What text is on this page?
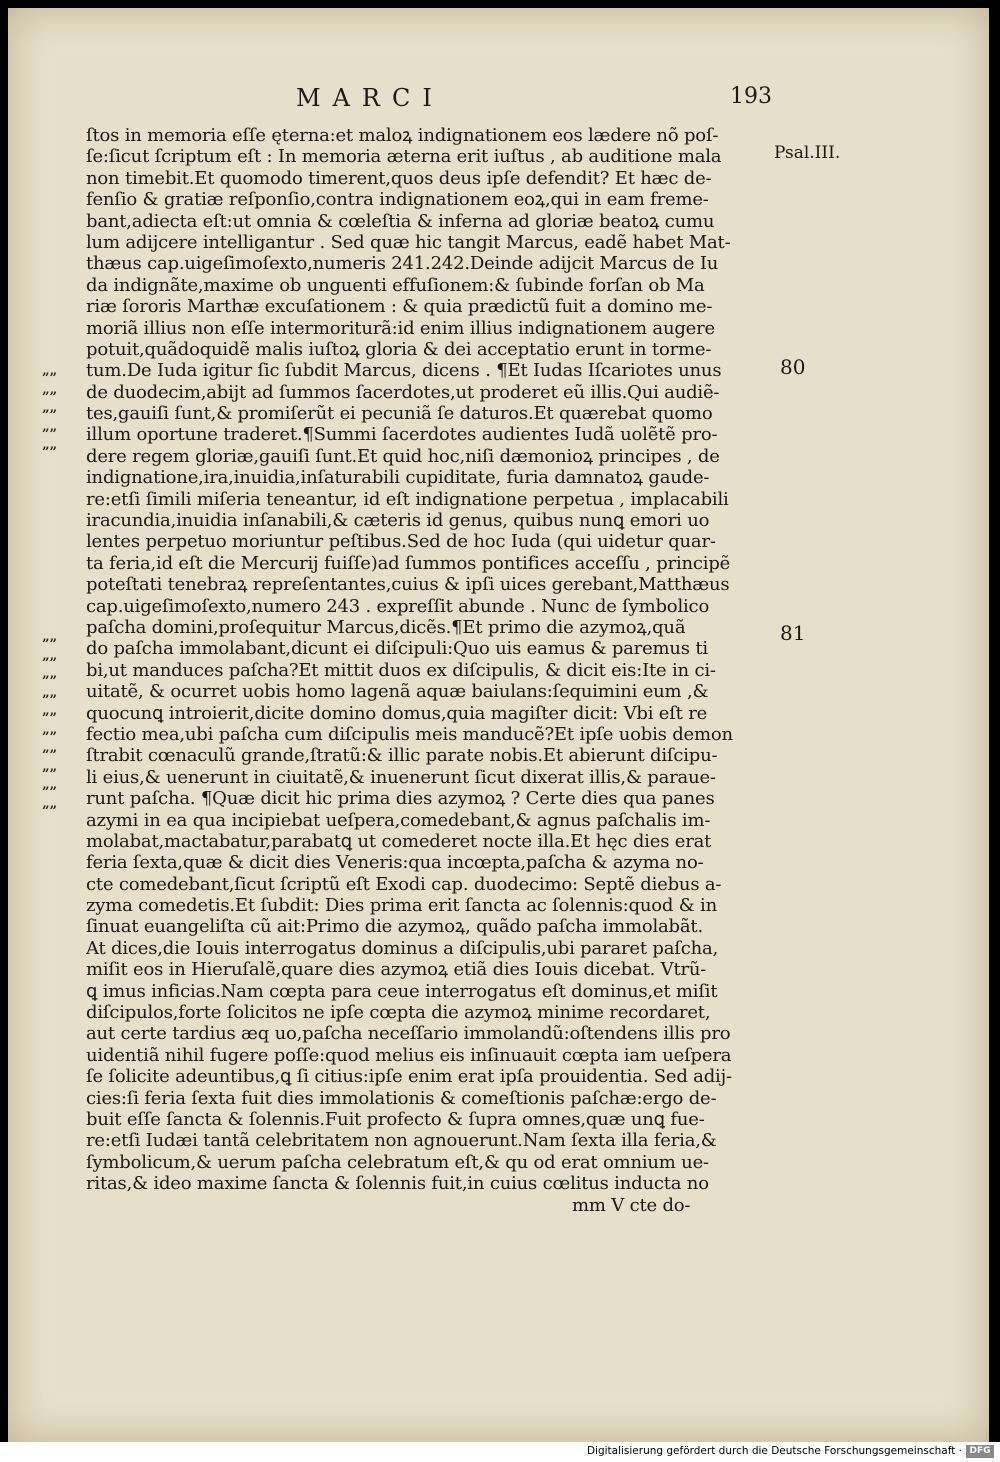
MARCI	193
Psal.III.
80
81
””
””
””
””
””
””
””
””
””
””
””
””
””
””
””
ſtos in memoria eſſe ęterna:et maloꝝ indignationem eos lædere nõ poſ-
ſe:ſicut ſcriptum eſt : In memoria æterna erit iuſtus , ab auditione mala
non timebit.Et quomodo timerent,quos deus ipſe defendit? Et hæc de-
fenſio & gratiæ reſponſio,contra indignationem eoꝝ,qui in eam freme-
bant,adiecta eſt:ut omnia & cœleſtia & inferna ad gloriæ beatoꝝ cumu
lum adijcere intelligantur . Sed quæ hic tangit Marcus, eadẽ habet Mat-
thæus cap.uigeſimoſexto,numeris 241.242.Deinde adijcit Marcus de Iu
da indignãte,maxime ob unguenti effuſionem:& ſubinde forſan ob Ma
riæ ſororis Marthæ excuſationem : & quia prædictũ fuit a domino me-
moriã illius non eſſe intermoriturã:id enim illius indignationem augere
potuit,quãdoquidẽ malis iuſtoꝝ gloria & dei acceptatio erunt in torme-
tum.De Iuda igitur ſic ſubdit Marcus, dicens . ¶Et Iudas Iſcariotes unus
de duodecim,abijt ad ſummos ſacerdotes,ut proderet eũ illis.Qui audiẽ-
tes,gauiſi ſunt,& promiſerũt ei pecuniã ſe daturos.Et quærebat quomo
illum oportune traderet.¶Summi ſacerdotes audientes Iudã uolẽtẽ pro-
dere regem gloriæ,gauiſi ſunt.Et quid hoc,niſi dæmonioꝝ principes , de
indignatione,ira,inuidia,inſaturabili cupiditate, furia damnatoꝝ gaude-
re:etſi ſimili miſeria teneantur, id eſt indignatione perpetua , implacabili
iracundia,inuidia inſanabili,& cæteris id genus, quibus nunꝗ emori uo
lentes perpetuo moriuntur peſtibus.Sed de hoc Iuda (qui uidetur quar-
ta feria,id eſt die Mercurij fuiſſe)ad ſummos pontifices acceſſu , principẽ
poteſtati tenebraꝝ repreſentantes,cuius & ipſi uices gerebant,Matthæus
cap.uigeſimoſexto,numero 243 . expreſſit abunde . Nunc de ſymbolico
paſcha domini,proſequitur Marcus,dicẽs.¶Et primo die azymoꝝ,quã
do paſcha immolabant,dicunt ei diſcipuli:Quo uis eamus & paremus ti
bi,ut manduces paſcha?Et mittit duos ex diſcipulis, & dicit eis:Ite in ci-
uitatẽ, & ocurret uobis homo lagenã aquæ baiulans:ſequimini eum ,&
quocunꝗ introierit,dicite domino domus,quia magiſter dicit: Vbi eſt re
fectio mea,ubi paſcha cum diſcipulis meis manducẽ?Et ipſe uobis demon
ſtrabit cœnaculũ grande,ſtratũ:& illic parate nobis.Et abierunt diſcipu-
li eius,& uenerunt in ciuitatẽ,& inuenerunt ſicut dixerat illis,& paraue-
runt paſcha. ¶Quæ dicit hic prima dies azymoꝝ ? Certe dies qua panes
azymi in ea qua incipiebat ueſpera,comedebant,& agnus paſchalis im-
molabat,mactabatur,parabatꝗ ut comederet nocte illa.Et hęc dies erat
feria ſexta,quæ & dicit dies Veneris:qua incœpta,paſcha & azyma no-
cte comedebant,ſicut ſcriptũ eſt Exodi cap. duodecimo: Septẽ diebus a-
zyma comedetis.Et ſubdit: Dies prima erit ſancta ac ſolennis:quod & in
ſinuat euangeliſta cũ ait:Primo die azymoꝝ, quãdo paſcha immolabãt.
At dices,die Iouis interrogatus dominus a diſcipulis,ubi pararet paſcha,
miſit eos in Hieruſalẽ,quare dies azymoꝝ etiã dies Iouis dicebat. Vtrũ-
ꝗ imus inficias.Nam cœpta para ceue interrogatus eſt dominus,et miſit
diſcipulos,forte ſolicitos ne ipſe cœpta die azymoꝝ minime recordaret,
aut certe tardius æq uo,paſcha neceſſario immolandũ:oſtendens illis pro
uidentiã nihil fugere poſſe:quod melius eis inſinuauit cœpta iam ueſpera
ſe ſolicite adeuntibus,ꝗ ſi citius:ipſe enim erat ipſa prouidentia. Sed adij-
cies:ſi feria ſexta fuit dies immolationis & comeſtionis paſchæ:ergo de-
buit eſſe ſancta & ſolennis.Fuit profecto & ſupra omnes,quæ unꝗ fue-
re:etſi Iudæi tantã celebritatem non agnouerunt.Nam ſexta illa feria,&
ſymbolicum,& uerum paſcha celebratum eſt,& qu od erat omnium ue-
ritas,& ideo maxime ſancta & ſolennis fuit,in cuius cœlitus inducta no
mm V cte do-
Digitalisierung gefördert durch die Deutsche Forschungsgemeinschaft · DFG
